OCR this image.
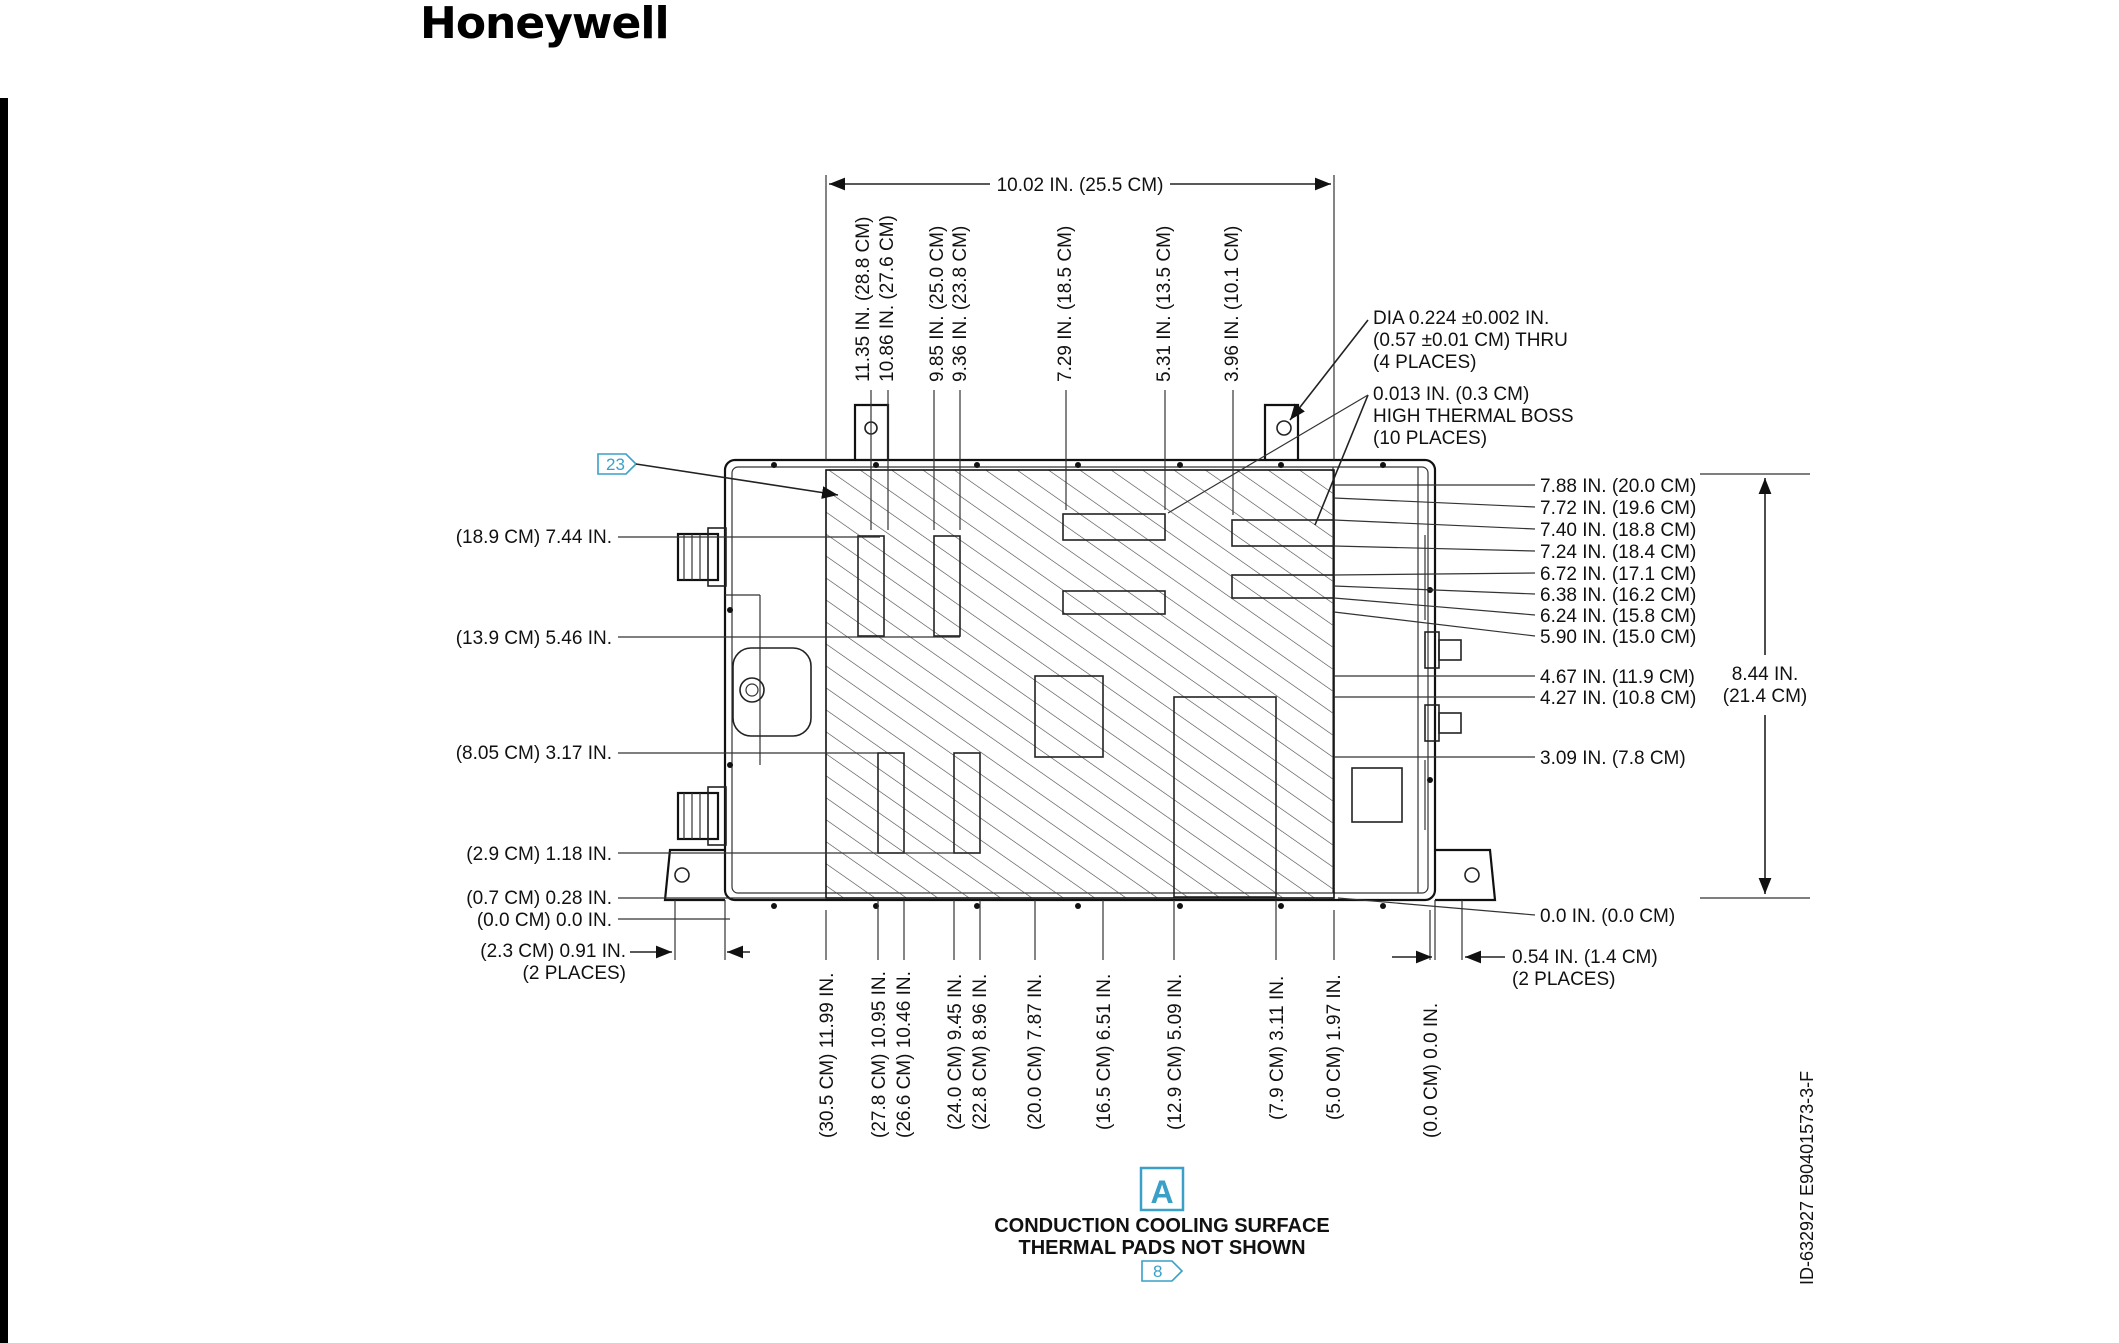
Honeywell
10.02 IN. (25.5 CM)
11.35 IN. (28.8 CM) 10.86 IN. (27.6 CM) 9.85 IN. (25.0 CM) 9.36 IN. (23.8 CM)	7.29 IN. (18.5 CM)	5.31 IN. (13.5 CM) 3.96 IN. (10.1 CM)	DIA 0.224 ±0.002 IN.
(0.57 ±0.01 CM) THRU
(4 PLACES)
0.013 IN. (0.3 CM)
HIGH THERMAL BOSS
(10 PLACES)
23
(18.9 CM) 7.44 IN.
(13.9 CM) 5.46 IN.
(8.05 CM) 3.17 IN.
(2.9 CM) 1.18 IN.
(0.7 CM) 0.28 IN.
(0.0 CM) 0.0 IN.
(2.3 CM) 0.91 IN.
(2 PLACES)	(30.5 CM) 11.99 IN. (27.8 CM) 10.95 IN. (26.6 CM) 10.46 IN. (24.0 CM) 9.45 IN. (22.8 CM) 8.96 IN. (20.0 CM) 7.87 IN.	(16.5 CM) 6.51 IN.	(12.9 CM) 5.09 IN.	(7.9 CM) 3.11 IN. (5.0 CM) 1.97 IN.	(0.0 CM) 0.0 IN.
7.88 IN. (20.0 CM)
7.72 IN. (19.6 CM)
7.40 IN. (18.8 CM)
7.24 IN. (18.4 CM)
6.72 IN. (17.1 CM)
6.38 IN. (16.2 CM)
6.24 IN. (15.8 CM)
5.90 IN. (15.0 CM)
4.67 IN. (11.9 CM)
4.27 IN. (10.8 CM)
3.09 IN. (7.8 CM)
0.0 IN. (0.0 CM)
8.44 IN.
(21.4 CM)
0.54 IN. (1.4 CM)
(2 PLACES)
A
CONDUCTION COOLING SURFACE
THERMAL PADS NOT SHOWN
8	ID-632927 E90401573-3-F
